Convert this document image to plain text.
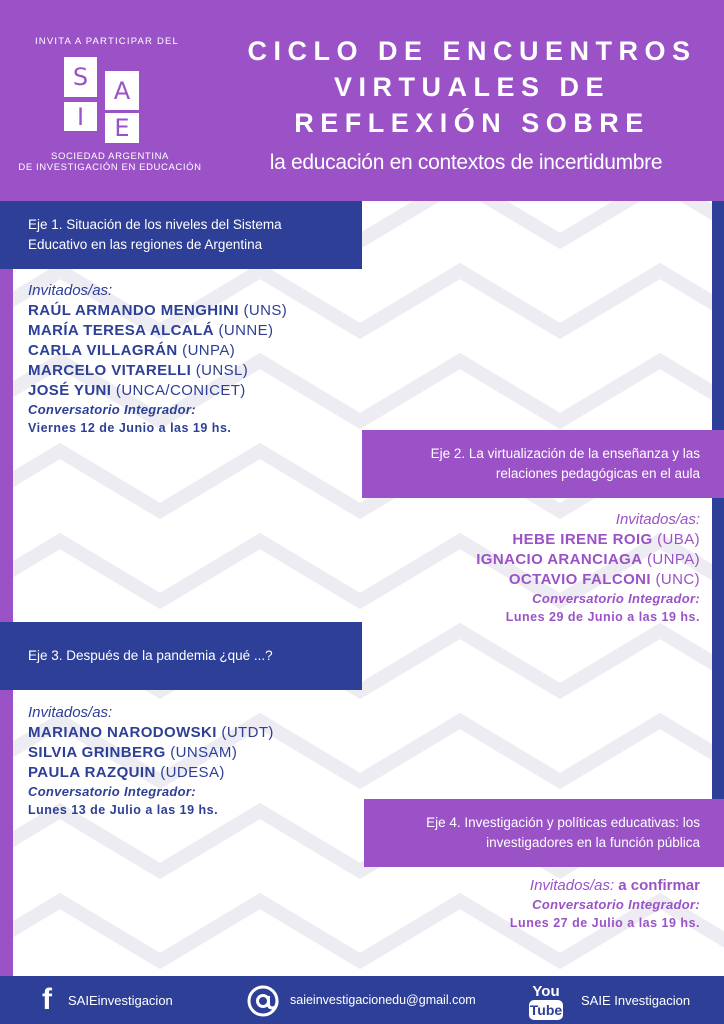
INVITA A PARTICIPAR DEL
S	A
I	E
SOCIEDAD ARGENTINA
DE INVESTIGACIÓN EN EDUCACIÓN
CICLO DE ENCUENTROS
VIRTUALES DE
REFLEXIÓN SOBRE
la educación en contextos de incertidumbre
Eje 1. Situación de los niveles del Sistema
Educativo en las regiones de Argentina
Invitados/as:
RAÚL ARMANDO MENGHINI (UNS)
MARÍA TERESA ALCALÁ (UNNE)
CARLA VILLAGRÁN (UNPA)
MARCELO VITARELLI (UNSL)
JOSÉ YUNI (UNCA/CONICET)
Conversatorio Integrador:
Viernes 12 de Junio a las 19 hs.
Eje 2. La virtualización de la enseñanza y las
relaciones pedagógicas en el aula
Invitados/as:
HEBE IRENE ROIG (UBA)
IGNACIO ARANCIAGA (UNPA)
OCTAVIO FALCONI (UNC)
Conversatorio Integrador:
Lunes 29 de Junio a las 19 hs.
Eje 3. Después de la pandemia ¿qué ...?
Invitados/as:
MARIANO NARODOWSKI (UTDT)
SILVIA GRINBERG (UNSAM)
PAULA RAZQUIN (UDESA)
Conversatorio Integrador:
Lunes 13 de Julio a las 19 hs.
Eje 4. Investigación y políticas educativas: los
investigadores en la función pública
Invitados/as: a confirmar
Conversatorio Integrador:
Lunes 27 de Julio a las 19 hs.
f	SAIEinvestigacion	saieinvestigacionedu@gmail.com	You
Tube
SAIE Investigacion
